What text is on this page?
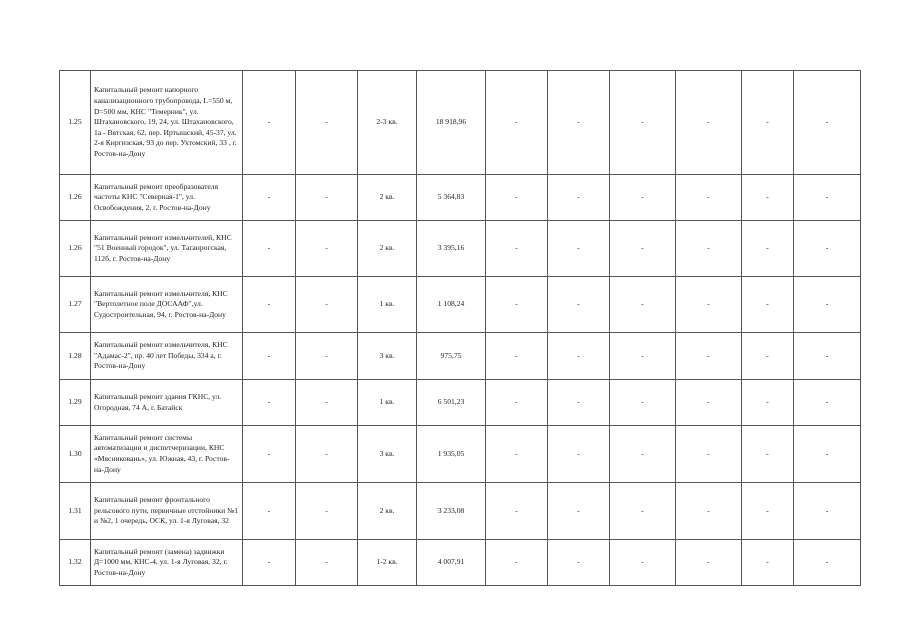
1.25	Капитальный ремонт напорного канализационного трубопровода, L=550 м, D=500 мм, КНС "Темерник", ул. Штахановского, 19, 24, ул. Штахановского, 1а - Вятская, 62, пер. Иртышский, 45-37, ул. 2-я Киргизская, 93 до пер. Ухтомский, 33 , г. Ростов-на-Дону	-	-	2-3 кв.	18 918,96	-	-	-	-	-	-
1.26	Капитальный ремонт преобразователя частоты КНС "Северная-1", ул. Освобождения, 2, г. Ростов-на-Дону	-	-	2 кв.	5 364,83	-	-	-	-	-	-
1.26	Капитальный ремонт измельчителей, КНС "51 Военный городок", ул. Таганрогская, 112б, г. Ростов-на-Дону	-	-	2 кв.	3 395,16	-	-	-	-	-	-
1.27	Капитальный ремонт измельчителя, КНС "Вертолетное поле ДОСААФ",ул. Судостроительная, 94, г. Ростов-на-Дону	-	-	1 кв.	1 108,24	-	-	-	-	-	-
1.28	Капитальный ремонт измельчителя, КНС "Адамас-2", пр. 40 лет Победы, 334 а, г. Ростов-на-Дону	-	-	3 кв.	975,75	-	-	-	-	-	-
1.29	Капитальный ремонт здания ГКНС, ул. Огородная, 74 А, г. Батайск	-	-	1 кв.	6 501,23	-	-	-	-	-	-
1.30	Капитальный ремонт системы автоматизации и диспетчеризации, КНС «Мясниковань», ул. Южная, 43, г. Ростов-на-Дону	-	-	3 кв.	1 935,05	-	-	-	-	-	-
1.31	Капитальный ремонт фронтального рельсового пути, первичные отстойники №1 и №2, 1 очередь, ОСК, ул. 1-я Луговая, 32	-	-	2 кв.	3 233,08	-	-	-	-	-	-
1.32	Капитальный ремонт (замена) задвижки Д=1000 мм, КНС-4, ул. 1-я Луговая, 32, г. Ростов-на-Дону	-	-	1-2 кв.	4 007,91	-	-	-	-	-	-
